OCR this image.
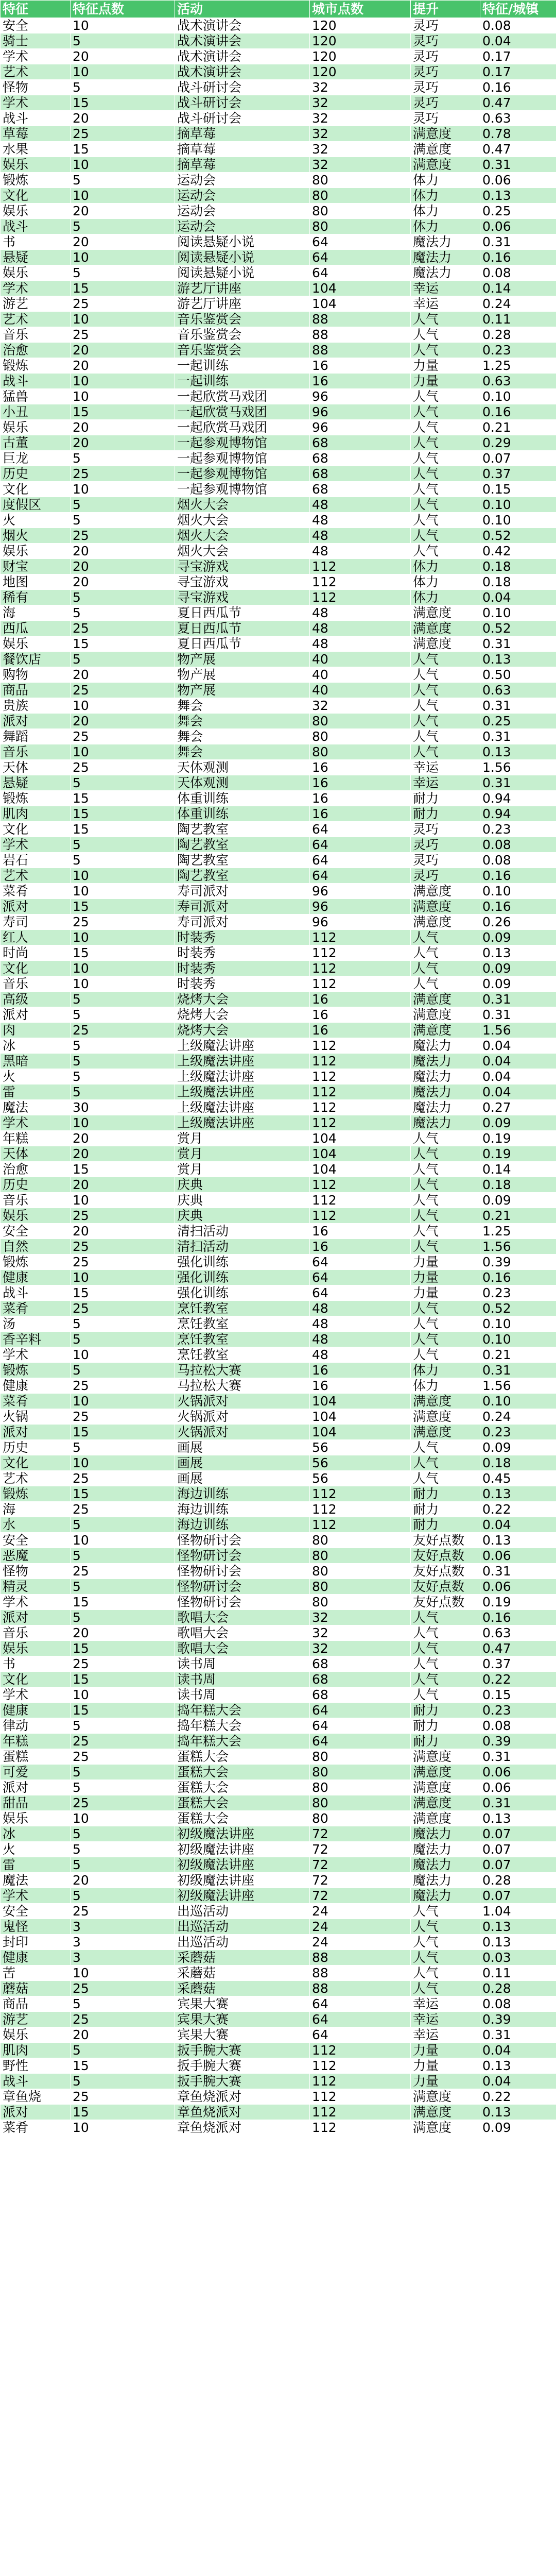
特征	特征点数	活动	城市点数	提升	特征/城镇
安全	10	战术演讲会	120	灵巧	0.08
骑士	5	战术演讲会	120	灵巧	0.04
学术	20	战术演讲会	120	灵巧	0.17
艺术	10	战术演讲会	120	灵巧	0.17
怪物	5	战斗研讨会	32	灵巧	0.16
学术	15	战斗研讨会	32	灵巧	0.47
战斗	20	战斗研讨会	32	灵巧	0.63
草莓	25	摘草莓	32	满意度	0.78
水果	15	摘草莓	32	满意度	0.47
娱乐	10	摘草莓	32	满意度	0.31
锻炼	5	运动会	80	体力	0.06
文化	10	运动会	80	体力	0.13
娱乐	20	运动会	80	体力	0.25
战斗	5	运动会	80	体力	0.06
书	20	阅读悬疑小说	64	魔法力	0.31
悬疑	10	阅读悬疑小说	64	魔法力	0.16
娱乐	5	阅读悬疑小说	64	魔法力	0.08
学术	15	游艺厅讲座	104	幸运	0.14
游艺	25	游艺厅讲座	104	幸运	0.24
艺术	10	音乐鉴赏会	88	人气	0.11
音乐	25	音乐鉴赏会	88	人气	0.28
治愈	20	音乐鉴赏会	88	人气	0.23
锻炼	20	一起训练	16	力量	1.25
战斗	10	一起训练	16	力量	0.63
猛兽	10	一起欣赏马戏团	96	人气	0.10
小丑	15	一起欣赏马戏团	96	人气	0.16
娱乐	20	一起欣赏马戏团	96	人气	0.21
古董	20	一起参观博物馆	68	人气	0.29
巨龙	5	一起参观博物馆	68	人气	0.07
历史	25	一起参观博物馆	68	人气	0.37
文化	10	一起参观博物馆	68	人气	0.15
度假区	5	烟火大会	48	人气	0.10
火	5	烟火大会	48	人气	0.10
烟火	25	烟火大会	48	人气	0.52
娱乐	20	烟火大会	48	人气	0.42
财宝	20	寻宝游戏	112	体力	0.18
地图	20	寻宝游戏	112	体力	0.18
稀有	5	寻宝游戏	112	体力	0.04
海	5	夏日西瓜节	48	满意度	0.10
西瓜	25	夏日西瓜节	48	满意度	0.52
娱乐	15	夏日西瓜节	48	满意度	0.31
餐饮店	5	物产展	40	人气	0.13
购物	20	物产展	40	人气	0.50
商品	25	物产展	40	人气	0.63
贵族	10	舞会	32	人气	0.31
派对	20	舞会	80	人气	0.25
舞蹈	25	舞会	80	人气	0.31
音乐	10	舞会	80	人气	0.13
天体	25	天体观测	16	幸运	1.56
悬疑	5	天体观测	16	幸运	0.31
锻炼	15	体重训练	16	耐力	0.94
肌肉	15	体重训练	16	耐力	0.94
文化	15	陶艺教室	64	灵巧	0.23
学术	5	陶艺教室	64	灵巧	0.08
岩石	5	陶艺教室	64	灵巧	0.08
艺术	10	陶艺教室	64	灵巧	0.16
菜肴	10	寿司派对	96	满意度	0.10
派对	15	寿司派对	96	满意度	0.16
寿司	25	寿司派对	96	满意度	0.26
红人	10	时装秀	112	人气	0.09
时尚	15	时装秀	112	人气	0.13
文化	10	时装秀	112	人气	0.09
音乐	10	时装秀	112	人气	0.09
高级	5	烧烤大会	16	满意度	0.31
派对	5	烧烤大会	16	满意度	0.31
肉	25	烧烤大会	16	满意度	1.56
冰	5	上级魔法讲座	112	魔法力	0.04
黑暗	5	上级魔法讲座	112	魔法力	0.04
火	5	上级魔法讲座	112	魔法力	0.04
雷	5	上级魔法讲座	112	魔法力	0.04
魔法	30	上级魔法讲座	112	魔法力	0.27
学术	10	上级魔法讲座	112	魔法力	0.09
年糕	20	赏月	104	人气	0.19
天体	20	赏月	104	人气	0.19
治愈	15	赏月	104	人气	0.14
历史	20	庆典	112	人气	0.18
音乐	10	庆典	112	人气	0.09
娱乐	25	庆典	112	人气	0.21
安全	20	清扫活动	16	人气	1.25
自然	25	清扫活动	16	人气	1.56
锻炼	25	强化训练	64	力量	0.39
健康	10	强化训练	64	力量	0.16
战斗	15	强化训练	64	力量	0.23
菜肴	25	烹饪教室	48	人气	0.52
汤	5	烹饪教室	48	人气	0.10
香辛料	5	烹饪教室	48	人气	0.10
学术	10	烹饪教室	48	人气	0.21
锻炼	5	马拉松大赛	16	体力	0.31
健康	25	马拉松大赛	16	体力	1.56
菜肴	10	火锅派对	104	满意度	0.10
火锅	25	火锅派对	104	满意度	0.24
派对	15	火锅派对	104	满意度	0.23
历史	5	画展	56	人气	0.09
文化	10	画展	56	人气	0.18
艺术	25	画展	56	人气	0.45
锻炼	15	海边训练	112	耐力	0.13
海	25	海边训练	112	耐力	0.22
水	5	海边训练	112	耐力	0.04
安全	10	怪物研讨会	80	友好点数	0.13
恶魔	5	怪物研讨会	80	友好点数	0.06
怪物	25	怪物研讨会	80	友好点数	0.31
精灵	5	怪物研讨会	80	友好点数	0.06
学术	15	怪物研讨会	80	友好点数	0.19
派对	5	歌唱大会	32	人气	0.16
音乐	20	歌唱大会	32	人气	0.63
娱乐	15	歌唱大会	32	人气	0.47
书	25	读书周	68	人气	0.37
文化	15	读书周	68	人气	0.22
学术	10	读书周	68	人气	0.15
健康	15	捣年糕大会	64	耐力	0.23
律动	5	捣年糕大会	64	耐力	0.08
年糕	25	捣年糕大会	64	耐力	0.39
蛋糕	25	蛋糕大会	80	满意度	0.31
可爱	5	蛋糕大会	80	满意度	0.06
派对	5	蛋糕大会	80	满意度	0.06
甜品	25	蛋糕大会	80	满意度	0.31
娱乐	10	蛋糕大会	80	满意度	0.13
冰	5	初级魔法讲座	72	魔法力	0.07
火	5	初级魔法讲座	72	魔法力	0.07
雷	5	初级魔法讲座	72	魔法力	0.07
魔法	20	初级魔法讲座	72	魔法力	0.28
学术	5	初级魔法讲座	72	魔法力	0.07
安全	25	出巡活动	24	人气	1.04
鬼怪	3	出巡活动	24	人气	0.13
封印	3	出巡活动	24	人气	0.13
健康	3	采蘑菇	88	人气	0.03
苦	10	采蘑菇	88	人气	0.11
蘑菇	25	采蘑菇	88	人气	0.28
商品	5	宾果大赛	64	幸运	0.08
游艺	25	宾果大赛	64	幸运	0.39
娱乐	20	宾果大赛	64	幸运	0.31
肌肉	5	扳手腕大赛	112	力量	0.04
野性	15	扳手腕大赛	112	力量	0.13
战斗	5	扳手腕大赛	112	力量	0.04
章鱼烧	25	章鱼烧派对	112	满意度	0.22
派对	15	章鱼烧派对	112	满意度	0.13
菜肴	10	章鱼烧派对	112	满意度	0.09
